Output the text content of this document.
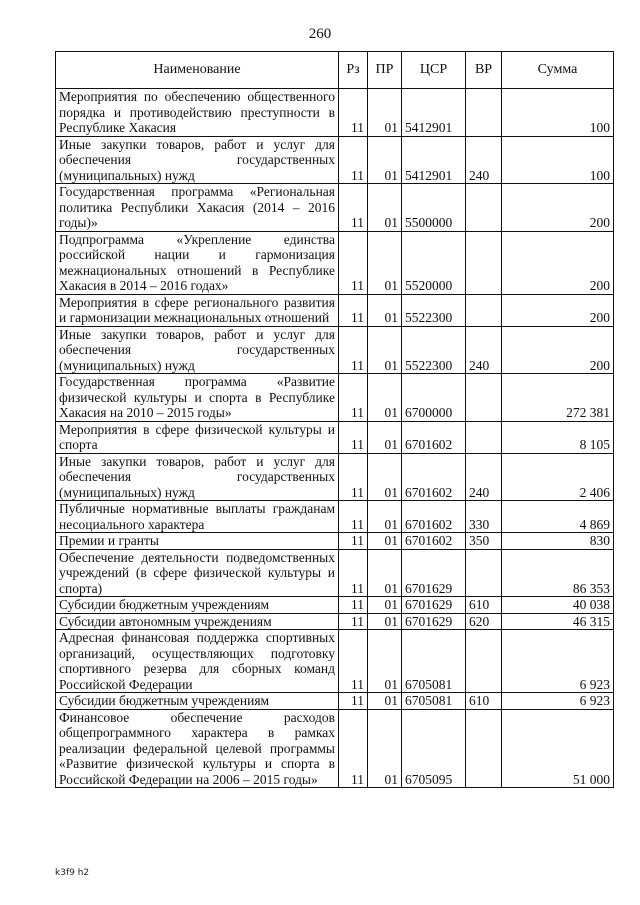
260
Наименование	Рз	ПР	ЦСР	ВР	Сумма
Мероприятия по обеспечению общественного порядка и противодействию преступности в Республике Хакасия	11	01	5412901		100
Иные закупки товаров, работ и услуг для обеспечения государственных (муниципальных) нужд	11	01	5412901	240	100
Государственная программа «Региональная политика Республики Хакасия (2014 – 2016 годы)»	11	01	5500000		200
Подпрограмма «Укрепление единства российской нации и гармонизация межнациональных отношений в Республике Хакасия в 2014 – 2016 годах»	11	01	5520000		200
Мероприятия в сфере регионального развития и гармонизации межнациональных отношений	11	01	5522300		200
Иные закупки товаров, работ и услуг для обеспечения государственных (муниципальных) нужд	11	01	5522300	240	200
Государственная программа «Развитие физической культуры и спорта в Республике Хакасия на 2010 – 2015 годы»	11	01	6700000		272 381
Мероприятия в сфере физической культуры и спорта	11	01	6701602		8 105
Иные закупки товаров, работ и услуг для обеспечения государственных (муниципальных) нужд	11	01	6701602	240	2 406
Публичные нормативные выплаты гражданам несоциального характера	11	01	6701602	330	4 869
Премии и гранты	11	01	6701602	350	830
Обеспечение деятельности подведомственных учреждений (в сфере физической культуры и спорта)	11	01	6701629		86 353
Субсидии бюджетным учреждениям	11	01	6701629	610	40 038
Субсидии автономным учреждениям	11	01	6701629	620	46 315
Адресная финансовая поддержка спортивных организаций, осуществляющих подготовку спортивного резерва для сборных команд Российской Федерации	11	01	6705081		6 923
Субсидии бюджетным учреждениям	11	01	6705081	610	6 923
Финансовое обеспечение расходов общепрограммного характера в рамках реализации федеральной целевой программы «Развитие физической культуры и спорта в Российской Федерации на 2006 – 2015 годы»	11	01	6705095		51 000
k3f9 h2
